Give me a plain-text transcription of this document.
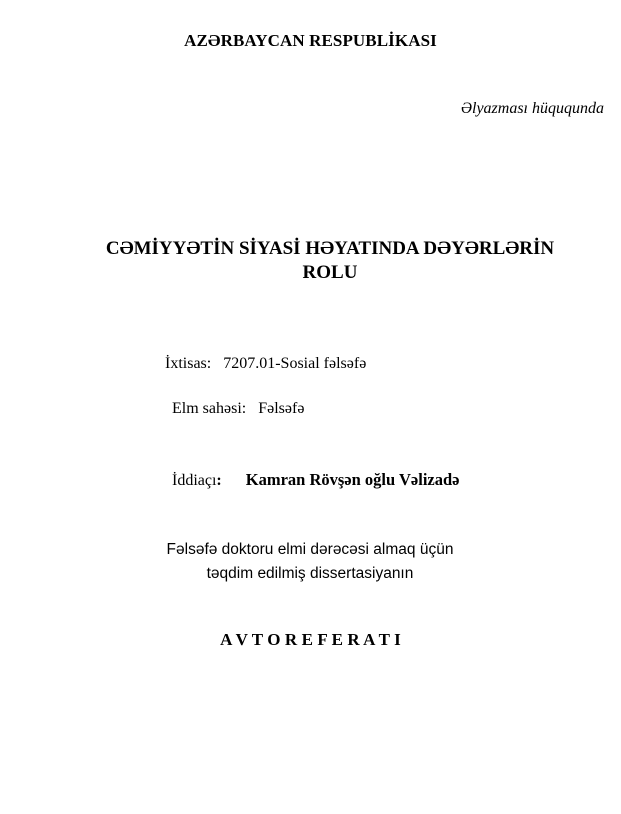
AZƏRBAYCAN RESPUBLİKASI
Əlyazması hüququnda
CƏMİYYƏTİN SİYASİ HƏYATINDA DƏYƏRLƏRİN
ROLU
İxtisas: 7207.01-Sosial fəlsəfə
Elm sahəsi: Fəlsəfə
İddiaçı: Kamran Rövşən oğlu Vəlizadə
Fəlsəfə doktoru elmi dərəcəsi almaq üçün
təqdim edilmiş dissertasiyanın
A V T O R E F E R A T I
